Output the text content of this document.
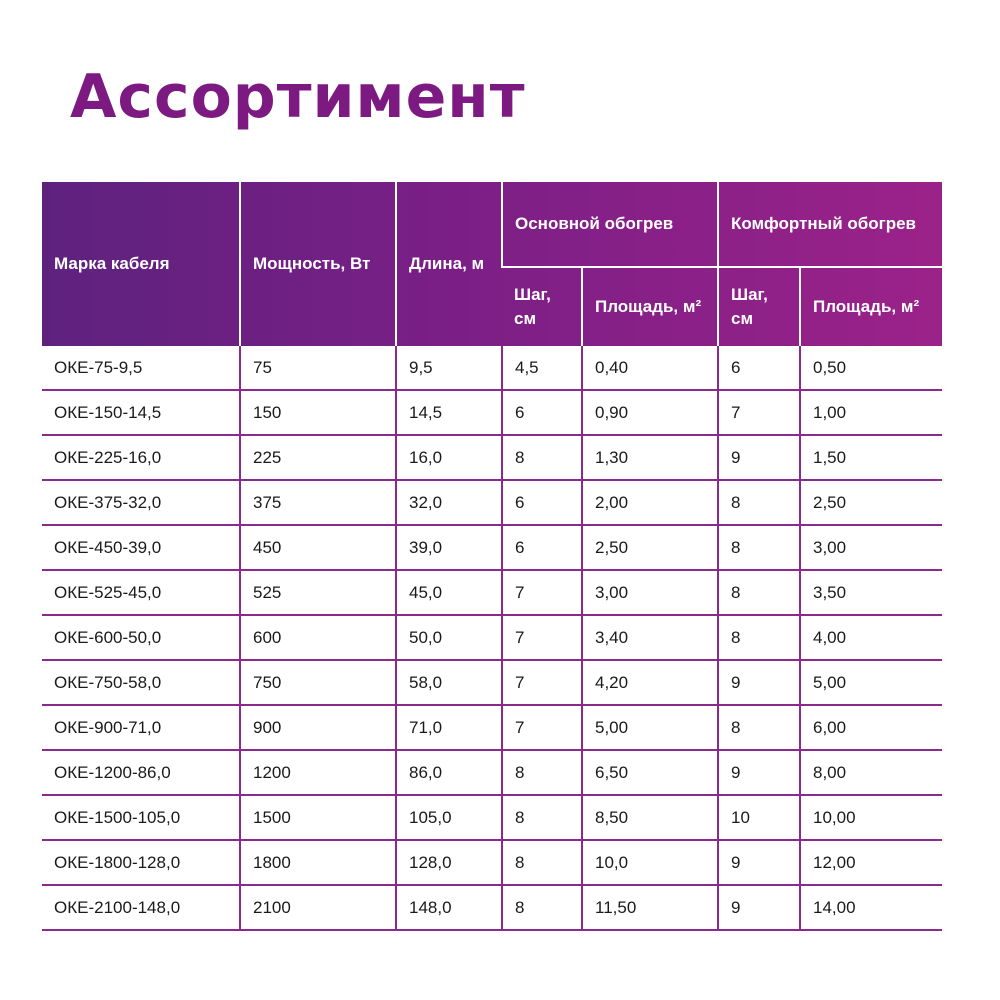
Ассортимент
Марка кабеля	Мощность, Вт	Длина, м	Основной обогрев		Комфортный обогрев	
			Шаг, см	Площадь, м²	Шаг, см	Площадь, м²
ОКЕ-75-9,5	75	9,5	4,5	0,40	6	0,50
ОКЕ-150-14,5	150	14,5	6	0,90	7	1,00
ОКЕ-225-16,0	225	16,0	8	1,30	9	1,50
ОКЕ-375-32,0	375	32,0	6	2,00	8	2,50
ОКЕ-450-39,0	450	39,0	6	2,50	8	3,00
ОКЕ-525-45,0	525	45,0	7	3,00	8	3,50
ОКЕ-600-50,0	600	50,0	7	3,40	8	4,00
ОКЕ-750-58,0	750	58,0	7	4,20	9	5,00
ОКЕ-900-71,0	900	71,0	7	5,00	8	6,00
ОКЕ-1200-86,0	1200	86,0	8	6,50	9	8,00
ОКЕ-1500-105,0	1500	105,0	8	8,50	10	10,00
ОКЕ-1800-128,0	1800	128,0	8	10,0	9	12,00
ОКЕ-2100-148,0	2100	148,0	8	11,50	9	14,00
